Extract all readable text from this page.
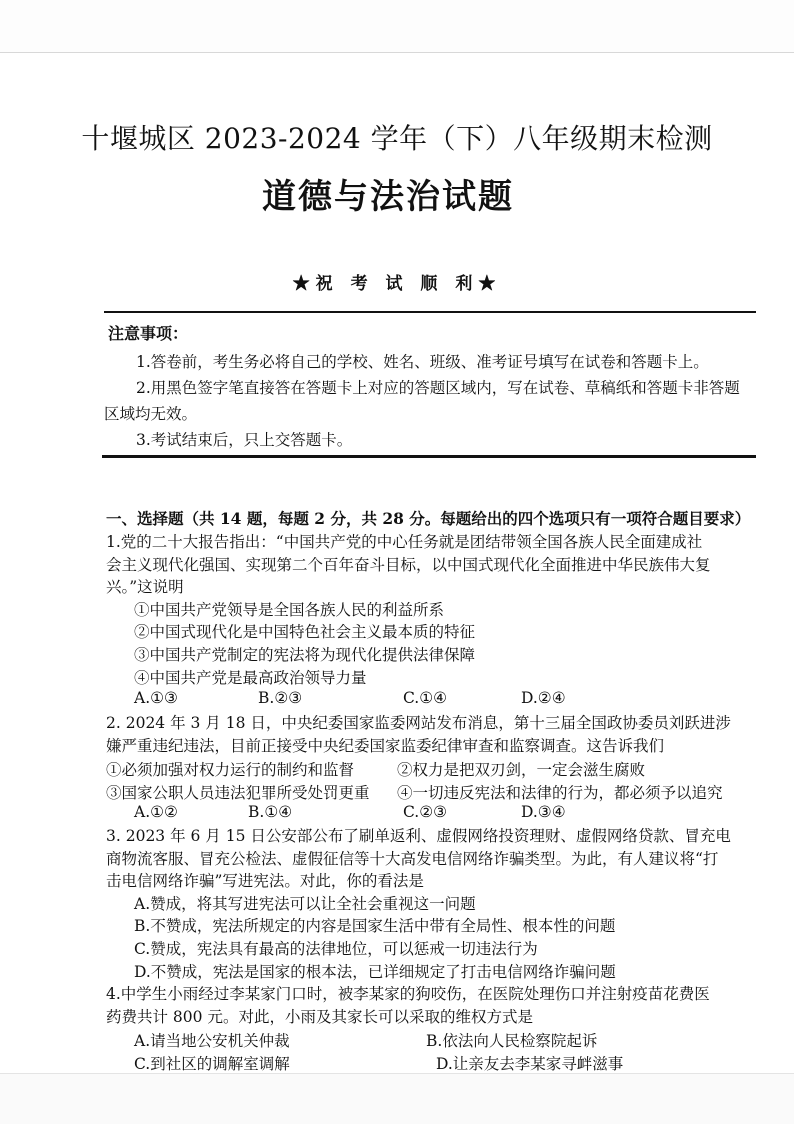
十堰城区 2023-2024 学年（下）八年级期末检测
道德与法治试题
★祝 考 试 顺 利★
注意事项：
1.答卷前，考生务必将自己的学校、姓名、班级、准考证号填写在试卷和答题卡上。
2.用黑色签字笔直接答在答题卡上对应的答题区域内，写在试卷、草稿纸和答题卡非答题区域均无效。
3.考试结束后，只上交答题卡。
一、选择题（共 14 题，每题 2 分，共 28 分。每题给出的四个选项只有一项符合题目要求）
1.党的二十大报告指出：“中国共产党的中心任务就是团结带领全国各族人民全面建成社
会主义现代化强国、实现第二个百年奋斗目标，以中国式现代化全面推进中华民族伟大复
兴。”这说明
①中国共产党领导是全国各族人民的利益所系
②中国式现代化是中国特色社会主义最本质的特征
③中国共产党制定的宪法将为现代化提供法律保障
④中国共产党是最高政治领导力量
A.①③	B.②③	C.①④	D.②④
2. 2024 年 3 月 18 日，中央纪委国家监委网站发布消息，第十三届全国政协委员刘跃进涉
嫌严重违纪违法，目前正接受中央纪委国家监委纪律审查和监察调查。这告诉我们
①必须加强对权力运行的制约和监督	②权力是把双刃剑，一定会滋生腐败
③国家公职人员违法犯罪所受处罚更重 ④一切违反宪法和法律的行为，都必须予以追究
A.①②	B.①④	C.②③	D.③④
3. 2023 年 6 月 15 日公安部公布了刷单返利、虚假网络投资理财、虚假网络贷款、冒充电
商物流客服、冒充公检法、虚假征信等十大高发电信网络诈骗类型。为此，有人建议将“打
击电信网络诈骗”写进宪法。对此，你的看法是
A.赞成，将其写进宪法可以让全社会重视这一问题
B.不赞成，宪法所规定的内容是国家生活中带有全局性、根本性的问题
C.赞成，宪法具有最高的法律地位，可以惩戒一切违法行为
D.不赞成，宪法是国家的根本法，已详细规定了打击电信网络诈骗问题
4.中学生小雨经过李某家门口时，被李某家的狗咬伤，在医院处理伤口并注射疫苗花费医
药费共计 800 元。对此，小雨及其家长可以采取的维权方式是
A.请当地公安机关仲裁	B.依法向人民检察院起诉
C.到社区的调解室调解	D.让亲友去李某家寻衅滋事
